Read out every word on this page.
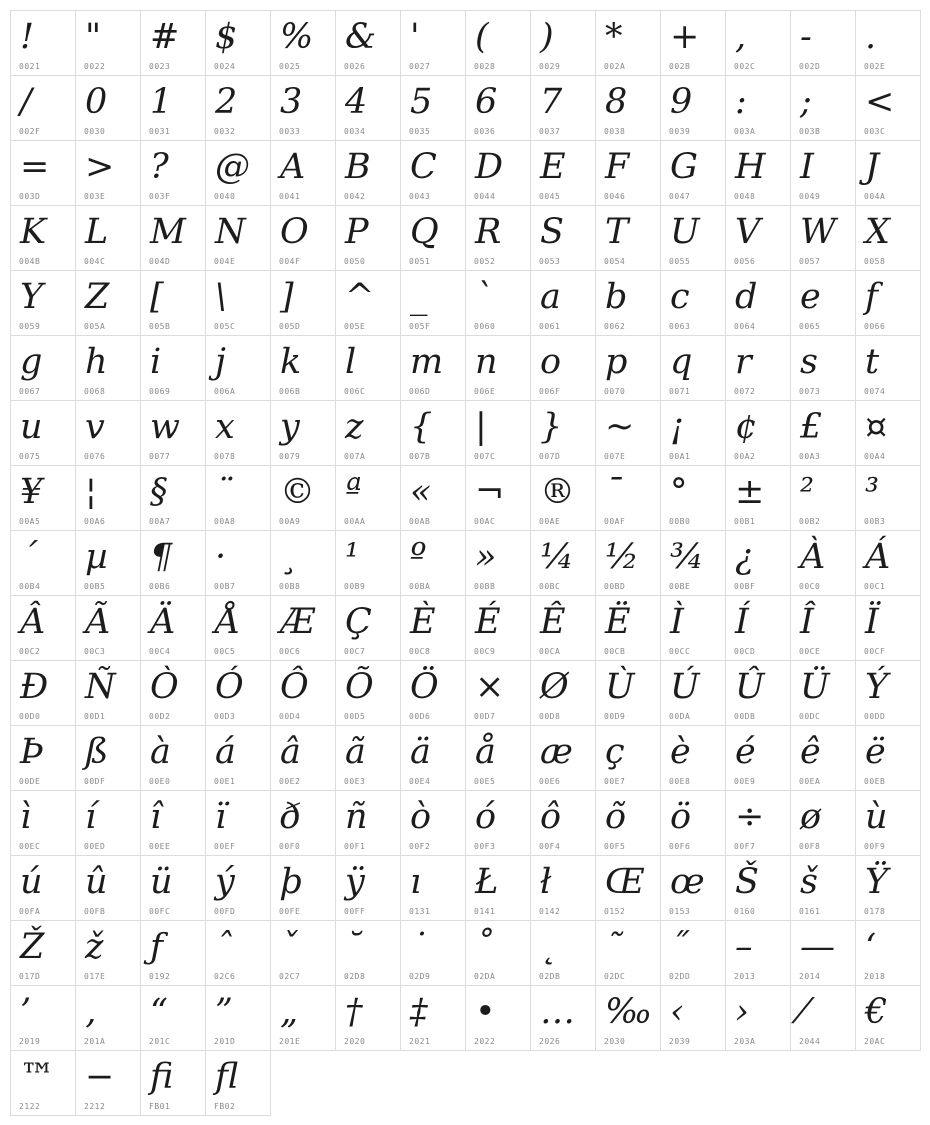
!
0021
"
0022
#
0023
$
0024
%
0025
&
0026
'
0027
(
0028
)
0029
*
002A
+
002B
,
002C
-
002D
.
002E
/
002F
0
0030
1
0031
2
0032
3
0033
4
0034
5
0035
6
0036
7
0037
8
0038
9
0039
:
003A
;
003B
<
003C
=
003D
>
003E
?
003F
@
0040
A
0041
B
0042
C
0043
D
0044
E
0045
F
0046
G
0047
H
0048
I
0049
J
004A
K
004B
L
004C
M
004D
N
004E
O
004F
P
0050
Q
0051
R
0052
S
0053
T
0054
U
0055
V
0056
W
0057
X
0058
Y
0059
Z
005A
[
005B
\
005C
]
005D
^
005E
_
005F
`
0060
a
0061
b
0062
c
0063
d
0064
e
0065
f
0066
g
0067
h
0068
i
0069
j
006A
k
006B
l
006C
m
006D
n
006E
o
006F
p
0070
q
0071
r
0072
s
0073
t
0074
u
0075
v
0076
w
0077
x
0078
y
0079
z
007A
{
007B
|
007C
}
007D
~
007E
¡
00A1
¢
00A2
£
00A3
¤
00A4
¥
00A5
¦
00A6
§
00A7
¨
00A8
©
00A9
ª
00AA
«
00AB
¬
00AC
®
00AE
¯
00AF
°
00B0
±
00B1
²
00B2
³
00B3
´
00B4
µ
00B5
¶
00B6
·
00B7
¸
00B8
¹
00B9
º
00BA
»
00BB
¼
00BC
½
00BD
¾
00BE
¿
00BF
À
00C0
Á
00C1
Â
00C2
Ã
00C3
Ä
00C4
Å
00C5
Æ
00C6
Ç
00C7
È
00C8
É
00C9
Ê
00CA
Ë
00CB
Ì
00CC
Í
00CD
Î
00CE
Ï
00CF
Ð
00D0
Ñ
00D1
Ò
00D2
Ó
00D3
Ô
00D4
Õ
00D5
Ö
00D6
×
00D7
Ø
00D8
Ù
00D9
Ú
00DA
Û
00DB
Ü
00DC
Ý
00DD
Þ
00DE
ß
00DF
à
00E0
á
00E1
â
00E2
ã
00E3
ä
00E4
å
00E5
æ
00E6
ç
00E7
è
00E8
é
00E9
ê
00EA
ë
00EB
ì
00EC
í
00ED
î
00EE
ï
00EF
ð
00F0
ñ
00F1
ò
00F2
ó
00F3
ô
00F4
õ
00F5
ö
00F6
÷
00F7
ø
00F8
ù
00F9
ú
00FA
û
00FB
ü
00FC
ý
00FD
þ
00FE
ÿ
00FF
ı
0131
Ł
0141
ł
0142
Œ
0152
œ
0153
Š
0160
š
0161
Ÿ
0178
Ž
017D
ž
017E
ƒ
0192
ˆ
02C6
ˇ
02C7
˘
02D8
˙
02D9
˚
02DA
˛
02DB
˜
02DC
˝
02DD
–
2013
—
2014
‘
2018
’
2019
‚
201A
“
201C
”
201D
„
201E
†
2020
‡
2021
•
2022
…
2026
‰
2030
‹
2039
›
203A
⁄
2044
€
20AC
™
2122
−
2212
ﬁ
FB01
ﬂ
FB02
